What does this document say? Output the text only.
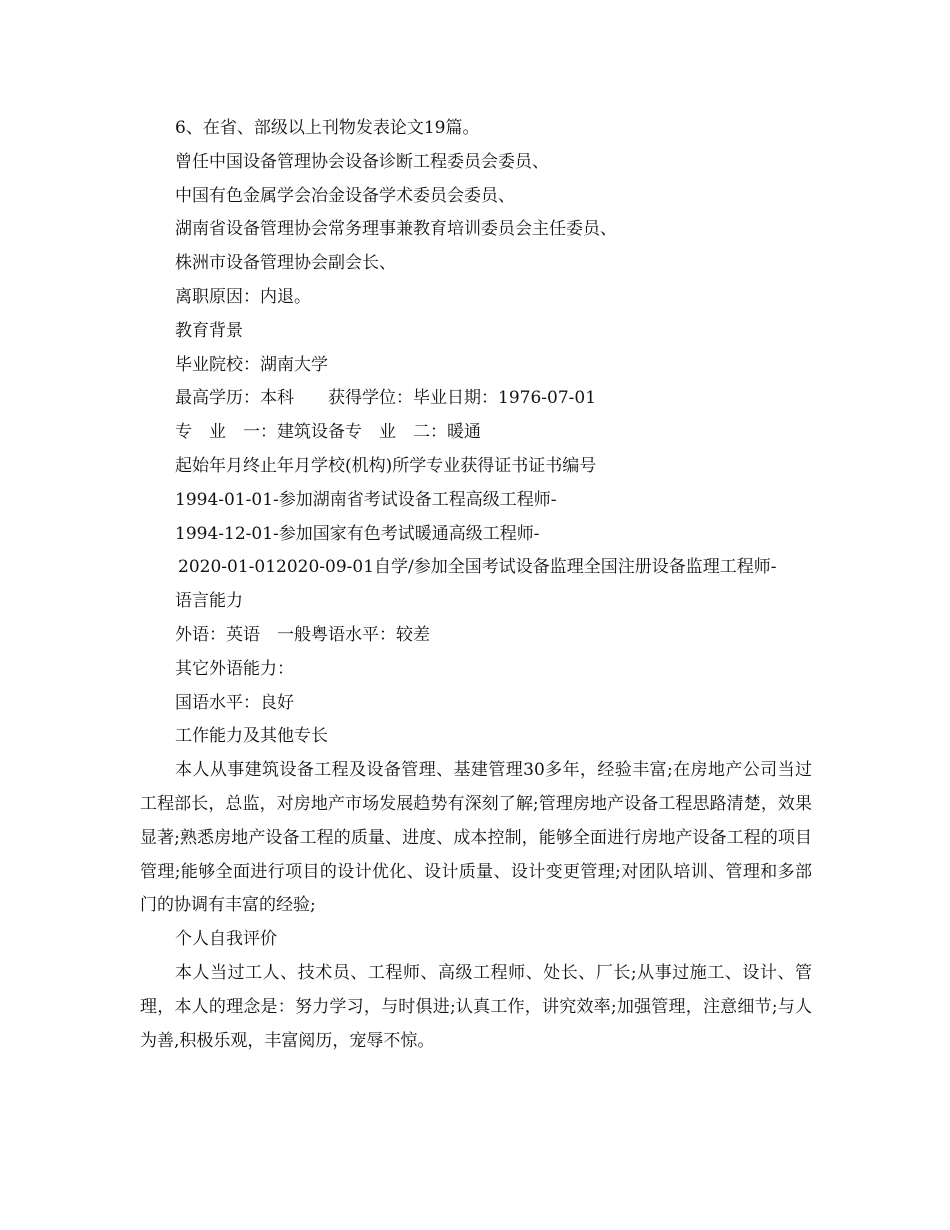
6、在省、部级以上刊物发表论文19篇。
曾任中国设备管理协会设备诊断工程委员会委员、
中国有色金属学会冶金设备学术委员会委员、
湖南省设备管理协会常务理事兼教育培训委员会主任委员、
株洲市设备管理协会副会长、
离职原因：内退。
教育背景
毕业院校：湖南大学
最高学历：本科　　获得学位：毕业日期：1976-07-01
专　业　一：建筑设备专　业　二：暖通
起始年月终止年月学校(机构)所学专业获得证书证书编号
1994-01-01-参加湖南省考试设备工程高级工程师-
1994-12-01-参加国家有色考试暖通高级工程师-
2020-01-012020-09-01自学/参加全国考试设备监理全国注册设备监理工程师-
语言能力
外语：英语　一般粤语水平：较差
其它外语能力：
国语水平：良好
工作能力及其他专长
本人从事建筑设备工程及设备管理、基建管理30多年，经验丰富;在房地产公司当过工程部长，总监，对房地产市场发展趋势有深刻了解;管理房地产设备工程思路清楚，效果显著;熟悉房地产设备工程的质量、进度、成本控制，能够全面进行房地产设备工程的项目管理;能够全面进行项目的设计优化、设计质量、设计变更管理;对团队培训、管理和多部门的协调有丰富的经验;
个人自我评价
本人当过工人、技术员、工程师、高级工程师、处长、厂长;从事过施工、设计、管理，本人的理念是：努力学习，与时俱进;认真工作，讲究效率;加强管理，注意细节;与人为善,积极乐观，丰富阅历，宠辱不惊。
